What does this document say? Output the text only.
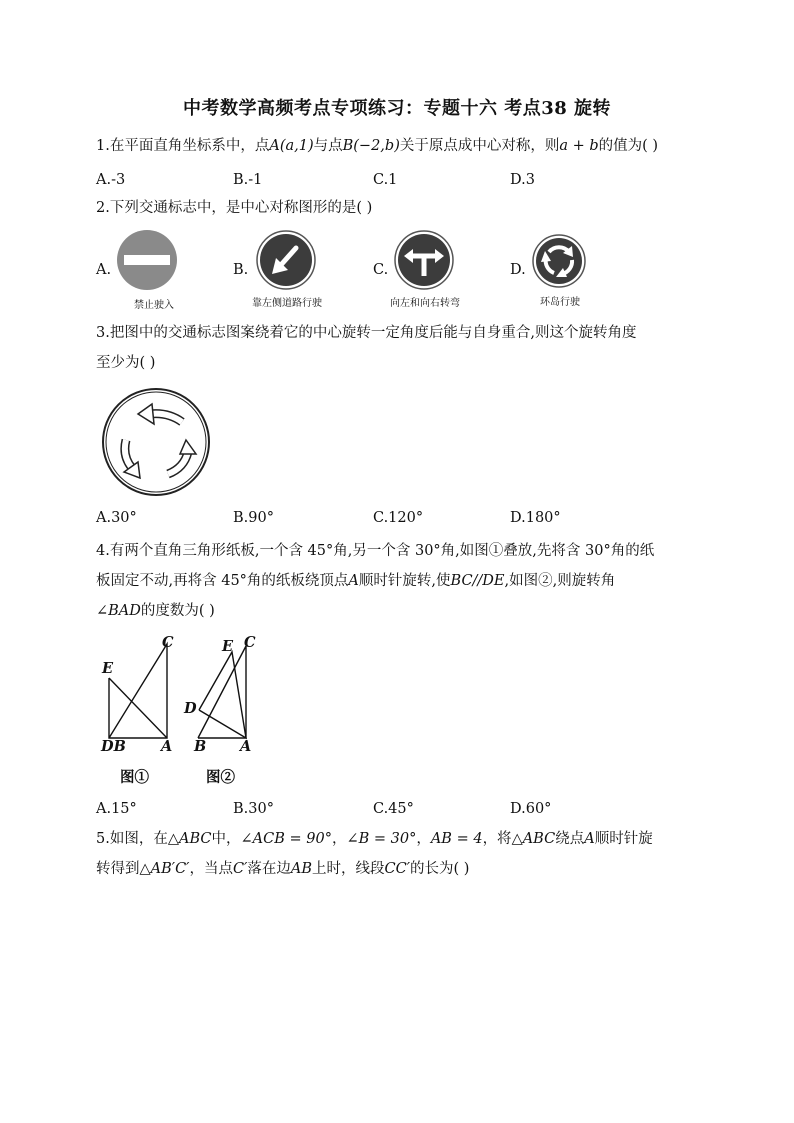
中考数学高频考点专项练习：专题十六 考点38 旋转
1.在平面直角坐标系中，点A(a,1)与点B(−2,b)关于原点成中心对称，则a + b的值为( )
A.-3	B.-1	C.1	D.3
2.下列交通标志中，是中心对称图形的是( )
A.
禁止驶入
B.
靠左侧道路行驶
C.
向左和向右转弯
D.
环岛行驶
3.把图中的交通标志图案绕着它的中心旋转一定角度后能与自身重合,则这个旋转角度
至少为( )
A.30°	B.90°	C.120°	D.180°
4.有两个直角三角形纸板,一个含 45°角,另一个含 30°角,如图①叠放,先将含 30°角的纸
板固定不动,再将含 45°角的纸板绕顶点A顺时针旋转,使BC//DE,如图②,则旋转角
∠BAD的度数为( )
E
C
DB A
图①
E C
D
B A
图②
A.15°	B.30°	C.45°	D.60°
5.如图，在△ABC中，∠ACB = 90°，∠B = 30°，AB = 4，将△ABC绕点A顺时针旋
转得到△AB′C′，当点C′落在边AB上时，线段CC′的长为( )
